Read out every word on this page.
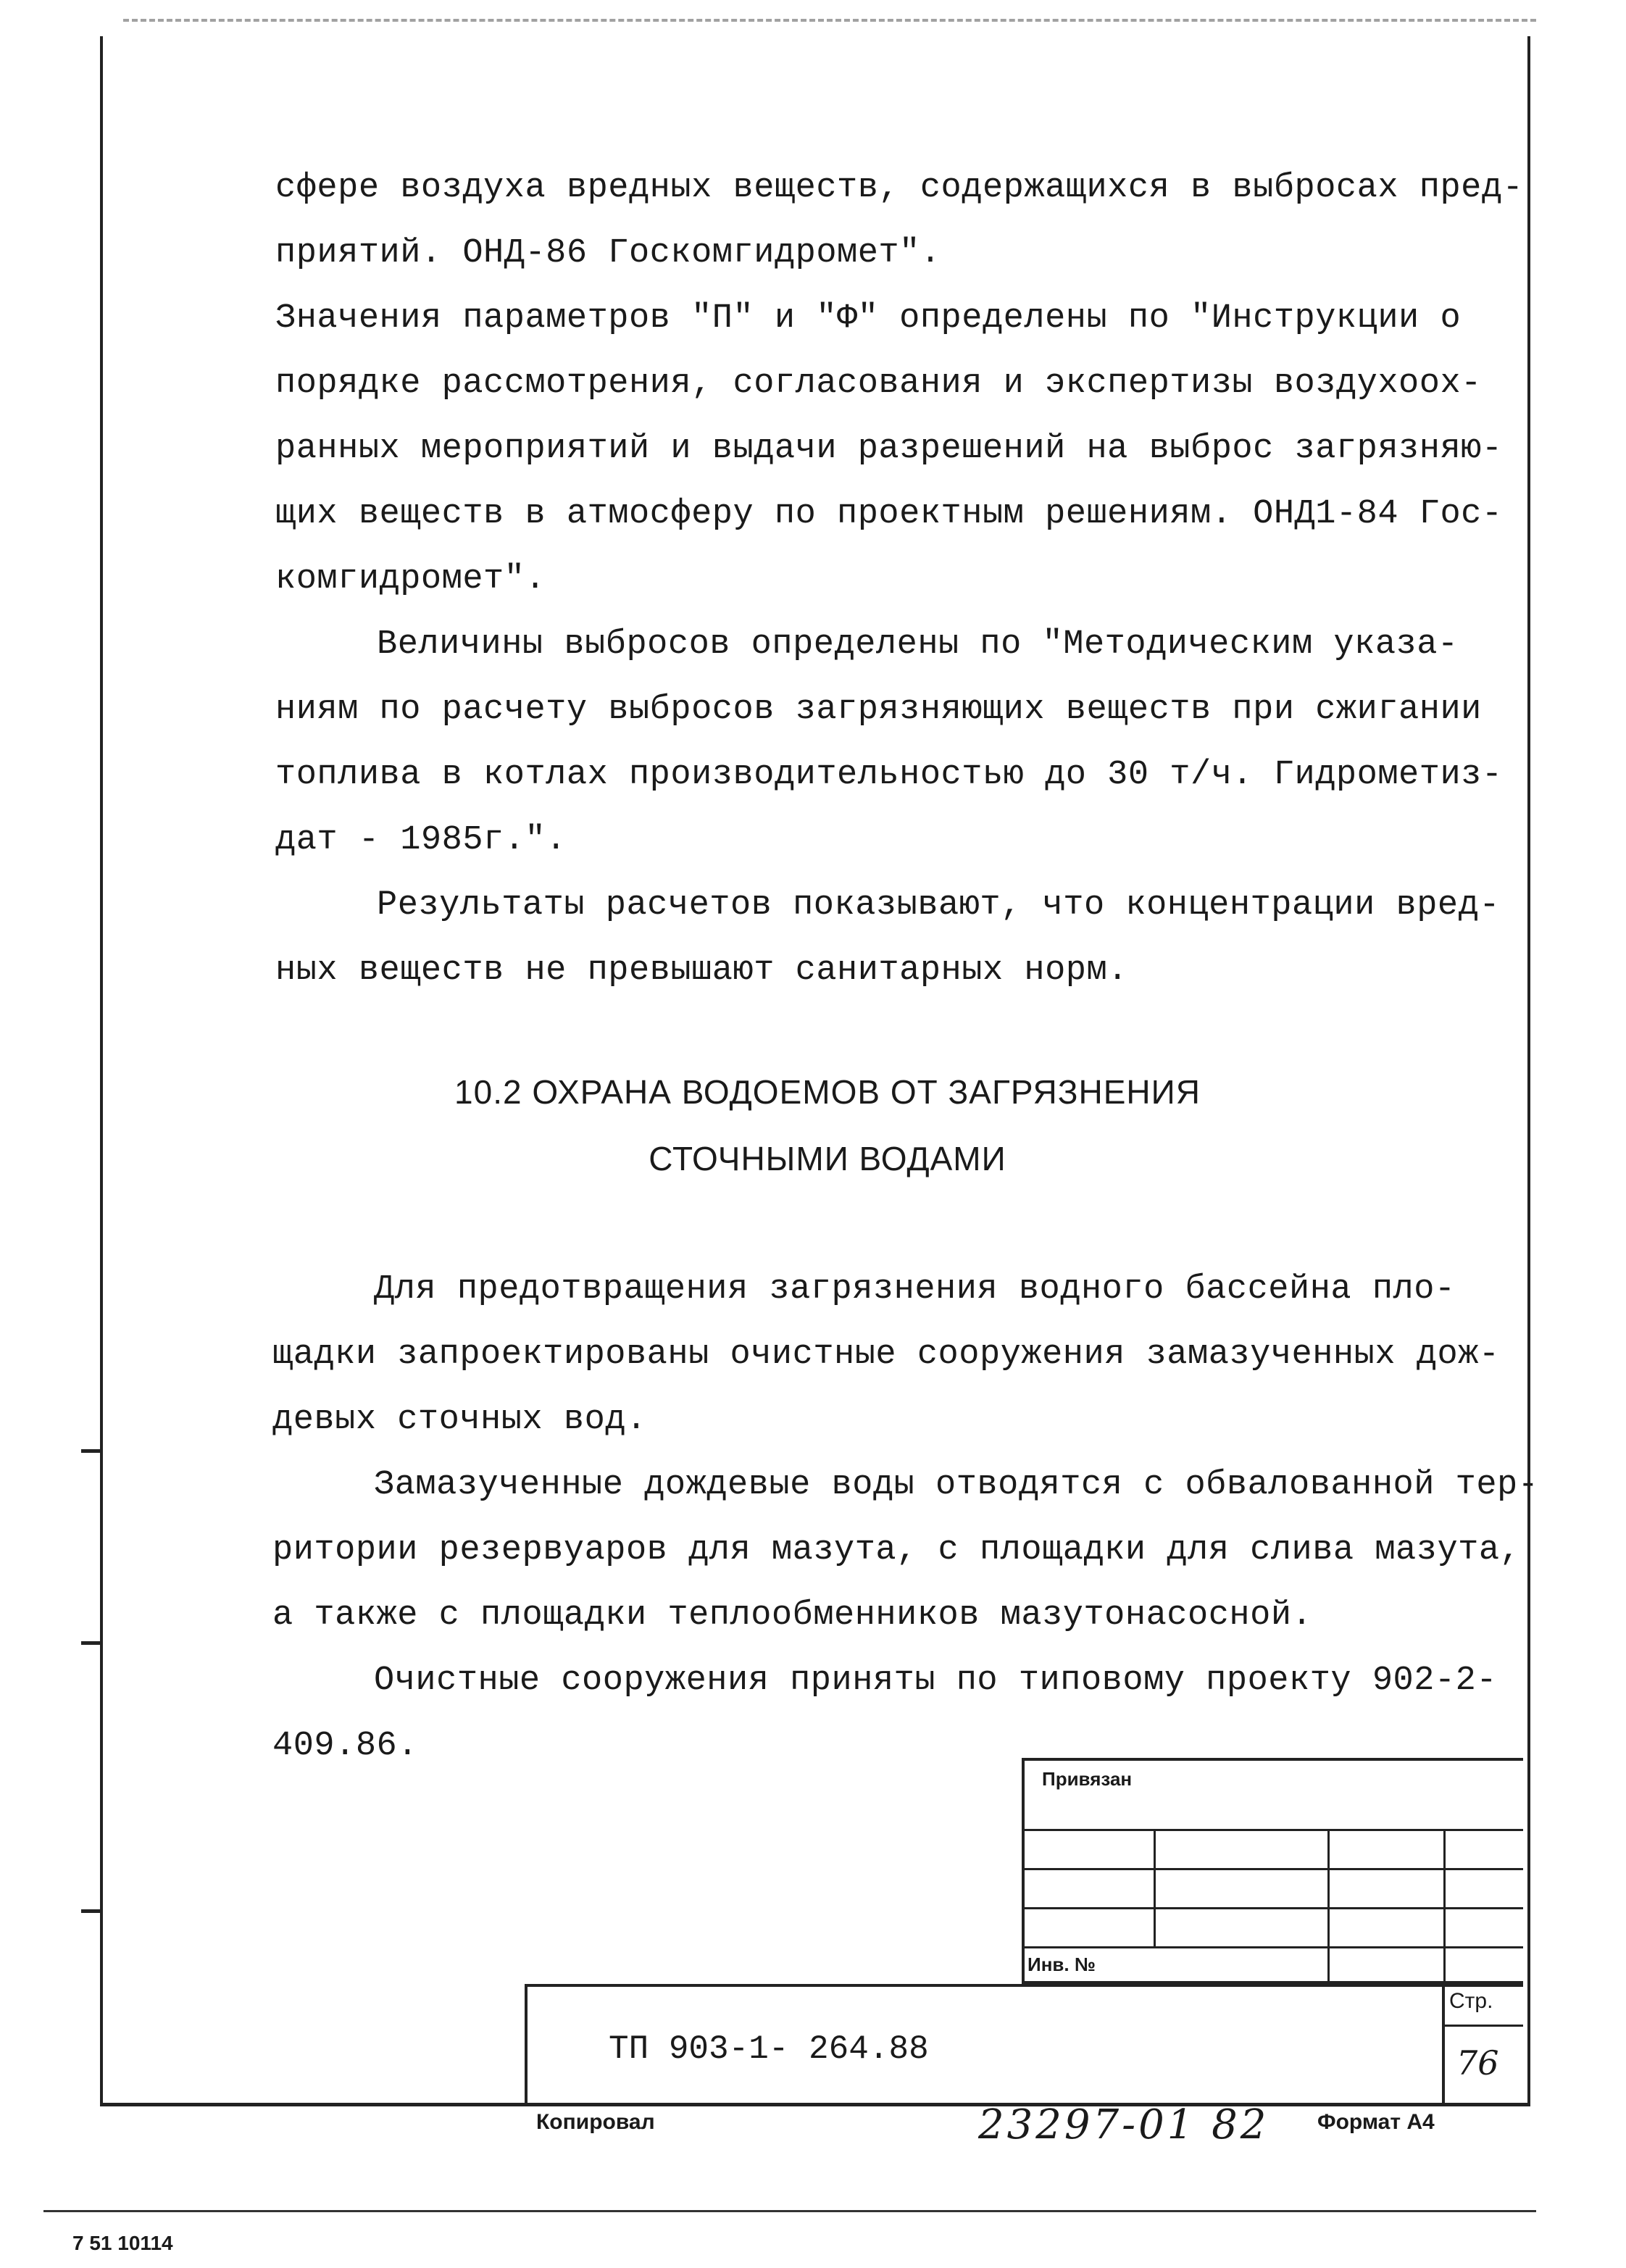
сфере воздуха вредных веществ, содержащихся в выбросах пред-

приятий. ОНД-86 Госкомгидромет".

Значения параметров "П" и "Ф" определены по "Инструкции о

порядке рассмотрения, согласования и экспертизы воздухоох-

ранных мероприятий и выдачи разрешений на выброс загрязняю-

щих веществ в атмосферу по проектным решениям. ОНД1-84 Гос-

комгидромет".

Величины выбросов определены по "Методическим указа-

ниям по расчету выбросов загрязняющих веществ при сжигании

топлива в котлах производительностью до 30 т/ч. Гидрометиз-

дат - 1985г.".

Результаты расчетов показывают, что концентрации вред-

ных веществ не превышают санитарных норм.

10.2 ОХРАНА ВОДОЕМОВ ОТ ЗАГРЯЗНЕНИЯ
СТОЧНЫМИ ВОДАМИ

Для предотвращения загрязнения водного бассейна пло-

щадки запроектированы очистные сооружения замазученных дож-

девых сточных вод.

Замазученные дождевые воды отводятся с обвалованной тер-

ритории резервуаров для мазута, с площадки для слива мазута,

а также с площадки теплообменников мазутонасосной.

Очистные сооружения приняты по типовому проекту 902-2-

409.86.

Привязан
Инв. №
ТП 903-1- 264.88
Стр.
76
Копировал	23297-01 82 Формат А4
7 51 10114
